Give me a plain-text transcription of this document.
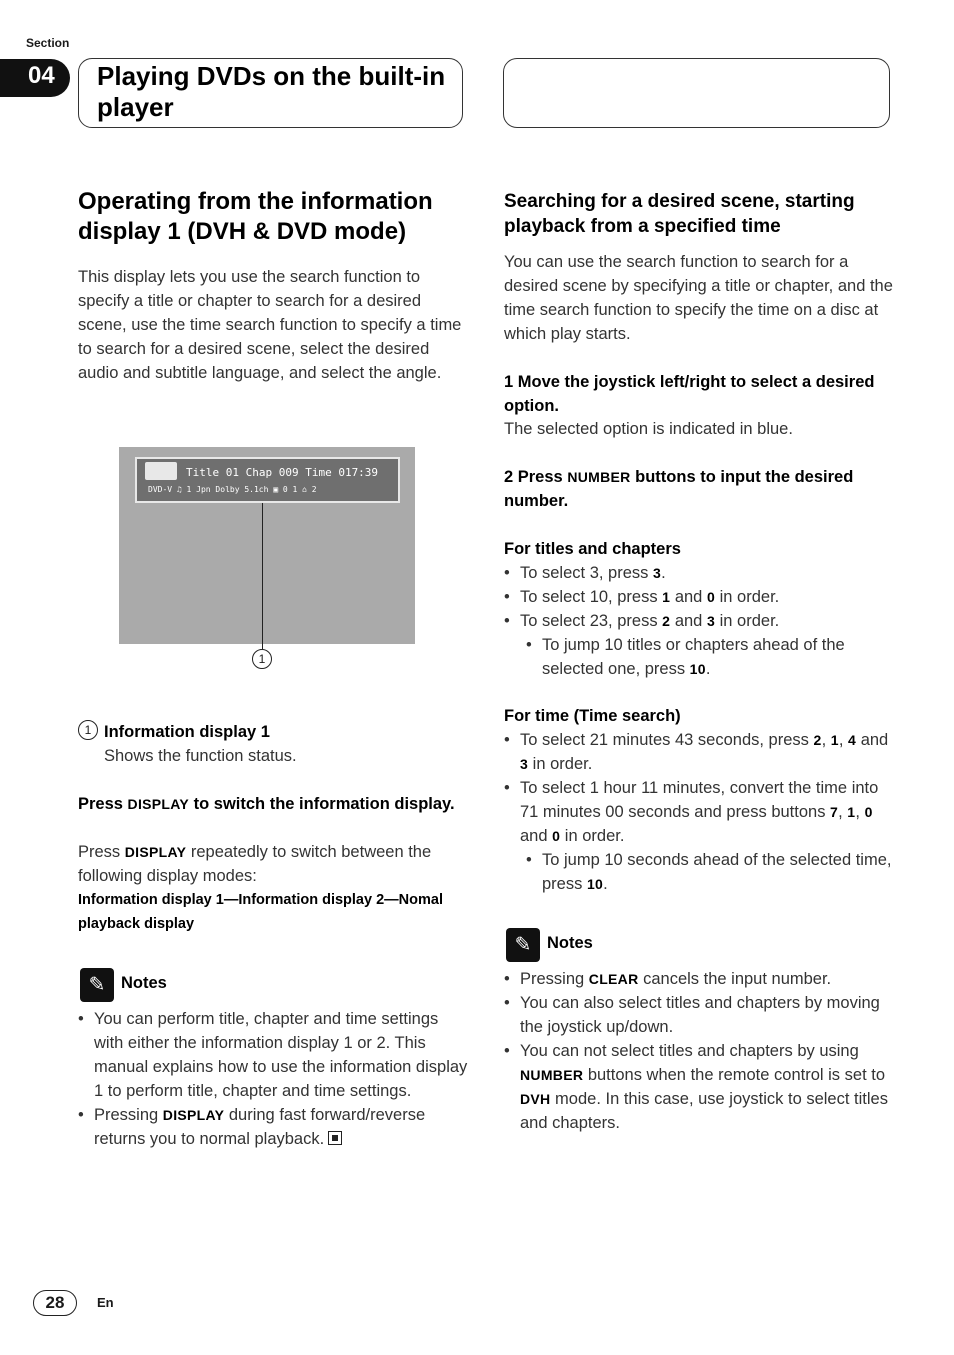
Section
04 Playing DVDs on the built-in player
Operating from the information display 1 (DVH & DVD mode)
This display lets you use the search function to specify a title or chapter to search for a desired scene, use the time search function to specify a time to search for a desired scene, select the desired audio and subtitle language, and select the angle.
Title 01 Chap 009 Time 017:39
DVD-V ♫ 1 Jpn Dolby 5.1ch ▣ 0 1 ⌂ 2
1
1 Information display 1
Shows the function status.
Press DISPLAY to switch the information display.
Press DISPLAY repeatedly to switch between the following display modes:
Information display 1—Information display 2—Nomal playback display
✎ Notes
• You can perform title, chapter and time settings with either the information display 1 or 2. This manual explains how to use the information display 1 to perform title, chapter and time settings.
• Pressing DISPLAY during fast forward/reverse returns you to normal playback.
Searching for a desired scene, starting playback from a specified time
You can use the search function to search for a desired scene by specifying a title or chapter, and the time search function to specify the time on a disc at which play starts.
1 Move the joystick left/right to select a desired option.
The selected option is indicated in blue.
2 Press NUMBER buttons to input the desired number.
For titles and chapters
• To select 3, press 3.
• To select 10, press 1 and 0 in order.
• To select 23, press 2 and 3 in order.
• To jump 10 titles or chapters ahead of the selected one, press 10.
For time (Time search)
• To select 21 minutes 43 seconds, press 2, 1, 4 and 3 in order.
• To select 1 hour 11 minutes, convert the time into 71 minutes 00 seconds and press buttons 7, 1, 0 and 0 in order.
• To jump 10 seconds ahead of the selected time, press 10.
✎ Notes
• Pressing CLEAR cancels the input number.
• You can also select titles and chapters by moving the joystick up/down.
• You can not select titles and chapters by using NUMBER buttons when the remote control is set to DVH mode. In this case, use joystick to select titles and chapters.
28	En
